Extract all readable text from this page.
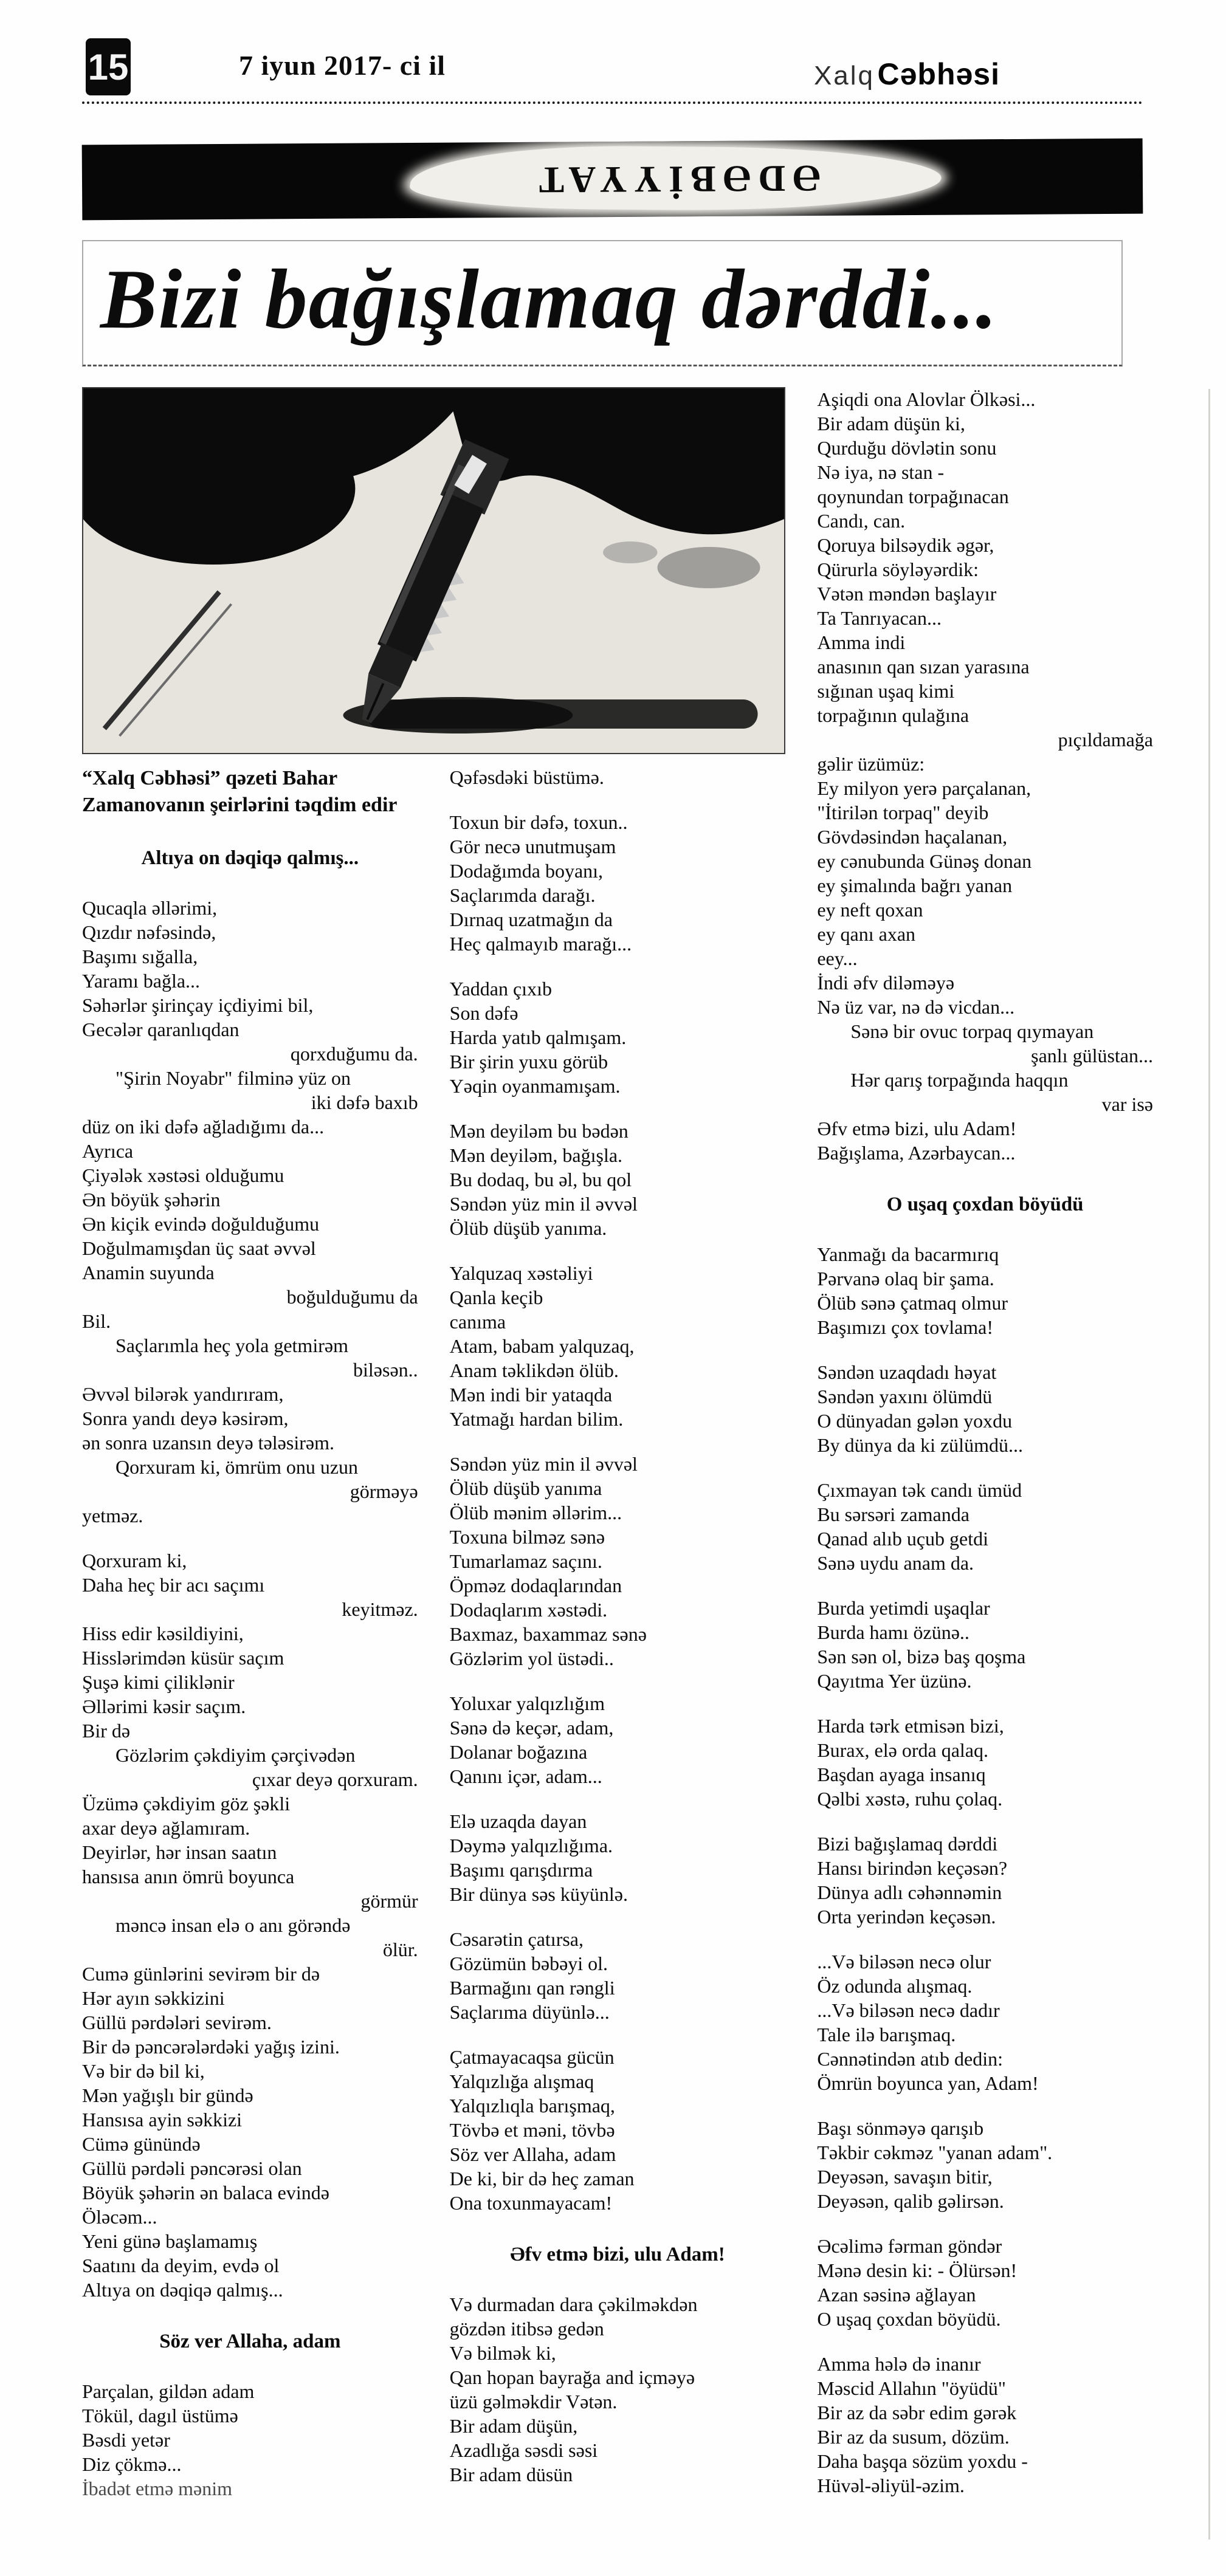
15	7 iyun 2017- ci il	Xalq Cəbhəsi
ƏDƏBİYYAT
Bizi bağışlamaq dərddi...

“Xalq Cəbhəsi” qəzeti Bahar Zamanovanın şeirlərini təqdim edir

Altıya on dəqiqə qalmış...
Qucaqla əllərimi,
Qızdır nəfəsində,
Başımı sığalla,
Yaramı bağla...
Səhərlər şirinçay içdiyimi bil,
Gecələr qaranlıqdan
qorxduğumu da.
"Şirin Noyabr" filminə yüz on
iki dəfə baxıb
düz on iki dəfə ağladığımı da...
Ayrıca
Çiyələk xəstəsi olduğumu
Ən böyük şəhərin
Ən kiçik evində doğulduğumu
Doğulmamışdan üç saat əvvəl
Anamin suyunda
boğulduğumu da
Bil.
Saçlarımla heç yola getmirəm
biləsən..
Əvvəl bilərək yandırıram,
Sonra yandı deyə kəsirəm,
ən sonra uzansın deyə tələsirəm.
Qorxuram ki, ömrüm onu uzun
görməyə
yetməz.
Qorxuram ki,
Daha heç bir acı saçımı
keyitməz.
Hiss edir kəsildiyini,
Hisslərimdən küsür saçım
Şuşə kimi çiliklənir
Əllərimi kəsir saçım.
Bir də
Gözlərim çəkdiyim çərçivədən
çıxar deyə qorxuram.
Üzümə çəkdiyim göz şəkli
axar deyə ağlamıram.
Deyirlər, hər insan saatın
hansısa anın ömrü boyunca
görmür
məncə insan elə o anı görəndə
ölür.
Cumə günlərini sevirəm bir də
Hər ayın səkkizini
Güllü pərdələri sevirəm.
Bir də pəncərələrdəki yağış izini.
Və bir də bil ki,
Mən yağışlı bir gündə
Hansısa ayin səkkizi
Cümə günündə
Güllü pərdəli pəncərəsi olan
Böyük şəhərin ən balaca evində
Öləcəm...
Yeni günə başlamamış
Saatını da deyim, evdə ol
Altıya on dəqiqə qalmış...
Söz ver Allaha, adam
Parçalan, gildən adam
Tökül, dagıl üstümə
Bəsdi yetər
Diz çökmə...
İbadət etmə mənim
Qəfəsdəki büstümə.
Toxun bir dəfə, toxun..
Gör necə unutmuşam
Dodağımda boyanı,
Saçlarımda darağı.
Dırnaq uzatmağın da
Heç qalmayıb marağı...
Yaddan çıxıb
Son dəfə
Harda yatıb qalmışam.
Bir şirin yuxu görüb
Yəqin oyanmamışam.
Mən deyiləm bu bədən
Mən deyiləm, bağışla.
Bu dodaq, bu əl, bu qol
Səndən yüz min il əvvəl
Ölüb düşüb yanıma.
Yalquzaq xəstəliyi
Qanla keçib
canıma
Atam, babam yalquzaq,
Anam təklikdən ölüb.
Mən indi bir yataqda
Yatmağı hardan bilim.
Səndən yüz min il əvvəl
Ölüb düşüb yanıma
Ölüb mənim əllərim...
Toxuna bilməz sənə
Tumarlamaz saçını.
Öpməz dodaqlarından
Dodaqlarım xəstədi.
Baxmaz, baxammaz sənə
Gözlərim yol üstədi..
Yoluxar yalqızlığım
Sənə də keçər, adam,
Dolanar boğazına
Qanını içər, adam...
Elə uzaqda dayan
Dəymə yalqızlığıma.
Başımı qarışdırma
Bir dünya səs küyünlə.
Cəsarətin çatırsa,
Gözümün bəbəyi ol.
Barmağını qan rəngli
Saçlarıma düyünlə...
Çatmayacaqsa gücün
Yalqızlığa alışmaq
Yalqızlıqla barışmaq,
Tövbə et məni, tövbə
Söz ver Allaha, adam
De ki, bir də heç zaman
Ona toxunmayacam!
Əfv etmə bizi, ulu Adam!
Və durmadan dara çəkilməkdən
gözdən itibsə gedən
Və bilmək ki,
Qan hopan bayrağa and içməyə
üzü gəlməkdir Vətən.
Bir adam düşün,
Azadlığa səsdi səsi
Bir adam düsün
Aşiqdi ona Alovlar Ölkəsi...
Bir adam düşün ki,
Qurduğu dövlətin sonu
Nə iya, nə stan -
qoynundan torpağınacan
Candı, can.
Qoruya bilsəydik əgər,
Qürurla söyləyərdik:
Vətən məndən başlayır
Ta Tanrıyacan...
Amma indi
anasının qan sızan yarasına
sığınan uşaq kimi
torpağının qulağına
pıçıldamağa
gəlir üzümüz:
Ey milyon yerə parçalanan,
"İtirilən torpaq" deyib
Gövdəsindən haçalanan,
ey cənubunda Günəş donan
ey şimalında bağrı yanan
ey neft qoxan
ey qanı axan
eey...
İndi əfv diləməyə
Nə üz var, nə də vicdan...
Sənə bir ovuc torpaq qıymayan
şanlı gülüstan...
Hər qarış torpağında haqqın
var isə
Əfv etmə bizi, ulu Adam!
Bağışlama, Azərbaycan...
O uşaq çoxdan böyüdü
Yanmağı da bacarmırıq
Pərvanə olaq bir şama.
Ölüb sənə çatmaq olmur
Başımızı çox tovlama!
Səndən uzaqdadı həyat
Səndən yaxını ölümdü
O dünyadan gələn yoxdu
By dünya da ki zülümdü...
Çıxmayan tək candı ümüd
Bu sərsəri zamanda
Qanad alıb uçub getdi
Sənə uydu anam da.
Burda yetimdi uşaqlar
Burda hamı özünə..
Sən sən ol, bizə baş qoşma
Qayıtma Yer üzünə.
Harda tərk etmisən bizi,
Burax, elə orda qalaq.
Başdan ayaga insanıq
Qəlbi xəstə, ruhu çolaq.
Bizi bağışlamaq dərddi
Hansı birindən keçəsən?
Dünya adlı cəhənnəmin
Orta yerindən keçəsən.
...Və biləsən necə olur
Öz odunda alışmaq.
...Və biləsən necə dadır
Tale ilə barışmaq.
Cənnətindən atıb dedin:
Ömrün boyunca yan, Adam!
Başı sönməyə qarışıb
Təkbir cəkməz "yanan adam".
Deyəsən, savaşın bitir,
Deyəsən, qalib gəlirsən.
Əcəlimə fərman göndər
Mənə desin ki: - Ölürsən!
Azan səsinə ağlayan
O uşaq çoxdan böyüdü.
Amma hələ də inanır
Məscid Allahın "öyüdü"
Bir az da səbr edim gərək
Bir az da susum, dözüm.
Daha başqa sözüm yoxdu -
Hüvəl-əliyül-əzim.
